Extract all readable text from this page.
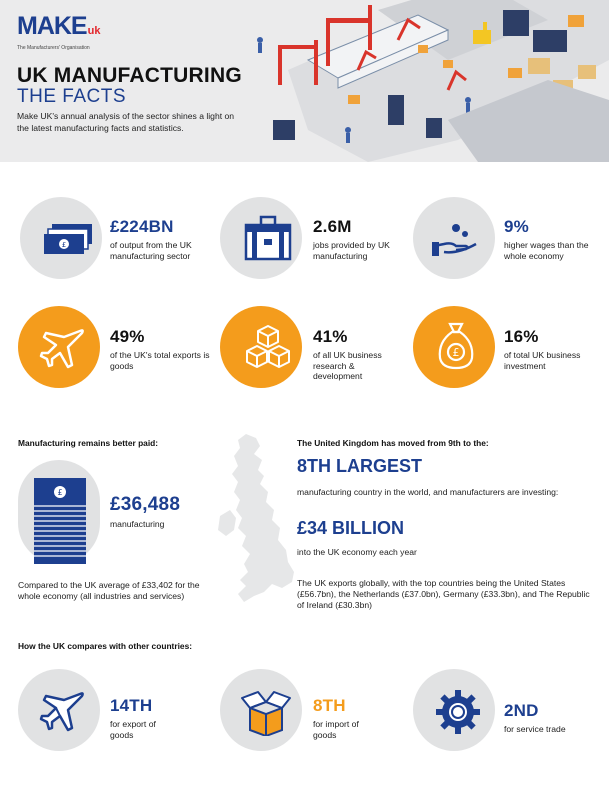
MAKEuk
The Manufacturers' Organisation
UK MANUFACTURING
THE FACTS
Make UK's annual analysis of the sector shines a light on the latest manufacturing facts and statistics.
£
£224BN
of output from the UK manufacturing sector
2.6M
jobs provided by UK manufacturing
9%
higher wages than the whole economy
49%
of the UK's total exports is goods
41%
of all UK business research & development
£
16%
of total UK business investment
Manufacturing remains better paid:
£
£36,488
manufacturing
Compared to the UK average of £33,402 for the whole economy (all industries and services)
The United Kingdom has moved from 9th to the:
8TH LARGEST
manufacturing country in the world, and manufacturers are investing:
£34 BILLION
into the UK economy each year
The UK exports globally, with the top countries being the United States (£56.7bn), the Netherlands (£37.0bn), Germany (£33.3bn), and The Republic of Ireland (£30.3bn)
How the UK compares with other countries:
14TH
for export of goods
8TH
for import of goods
2ND
for service trade
